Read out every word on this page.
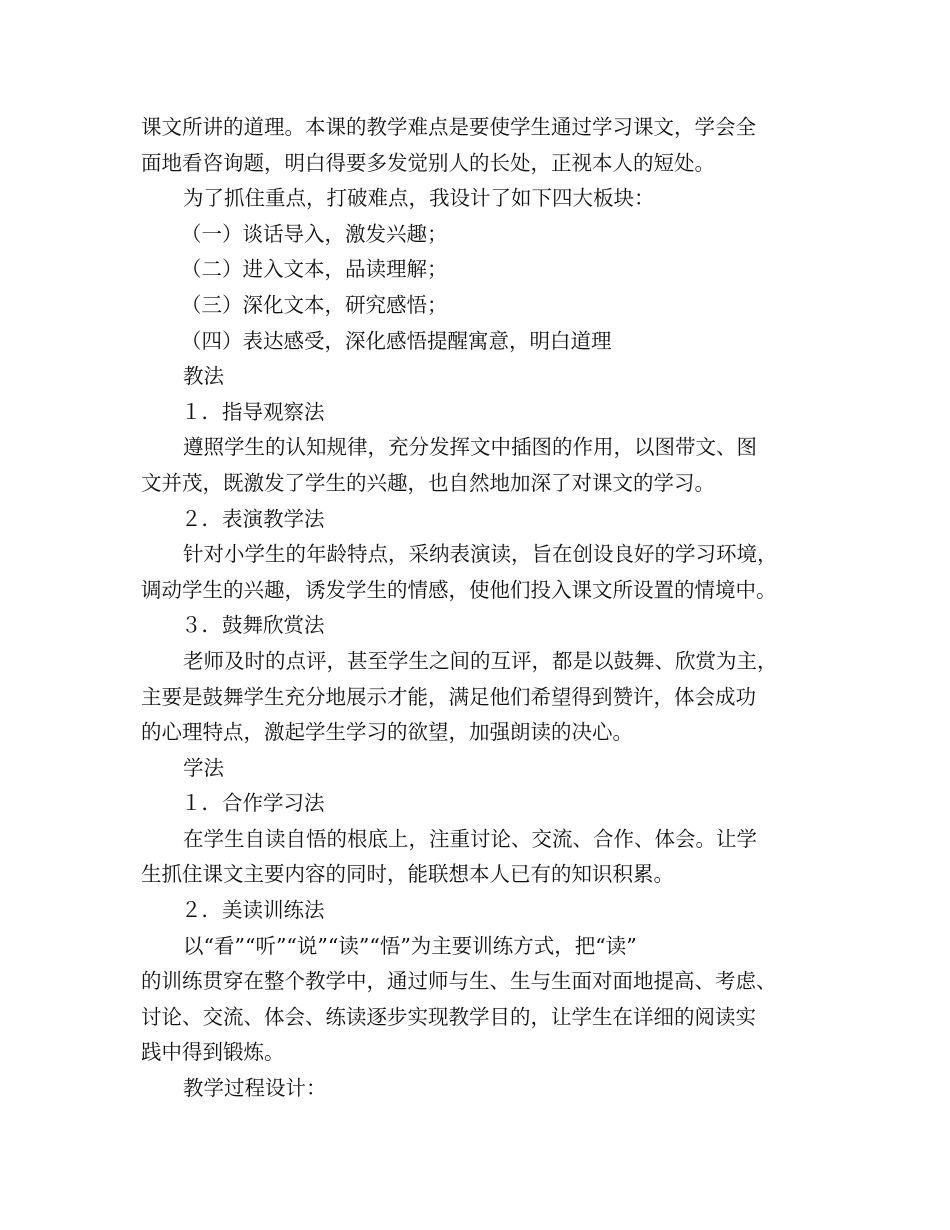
课文所讲的道理。本课的教学难点是要使学生通过学习课文，学会全
面地看咨询题，明白得要多发觉别人的长处，正视本人的短处。
为了抓住重点，打破难点，我设计了如下四大板块：
（一）谈话导入，激发兴趣；
（二）进入文本，品读理解；
（三）深化文本，研究感悟；
（四）表达感受，深化感悟提醒寓意，明白道理
教法
１．指导观察法
遵照学生的认知规律，充分发挥文中插图的作用，以图带文、图
文并茂，既激发了学生的兴趣，也自然地加深了对课文的学习。
２．表演教学法
针对小学生的年龄特点，采纳表演读，旨在创设良好的学习环境，
调动学生的兴趣，诱发学生的情感，使他们投入课文所设置的情境中。
３．鼓舞欣赏法
老师及时的点评，甚至学生之间的互评，都是以鼓舞、欣赏为主，
主要是鼓舞学生充分地展示才能，满足他们希望得到赞许，体会成功
的心理特点，激起学生学习的欲望，加强朗读的决心。
学法
１．合作学习法
在学生自读自悟的根底上，注重讨论、交流、合作、体会。让学
生抓住课文主要内容的同时，能联想本人已有的知识积累。
２．美读训练法
以“看”“听”“说”“读”“悟”为主要训练方式，把“读”
的训练贯穿在整个教学中，通过师与生、生与生面对面地提高、考虑、
讨论、交流、体会、练读逐步实现教学目的，让学生在详细的阅读实
践中得到锻炼。
教学过程设计：
